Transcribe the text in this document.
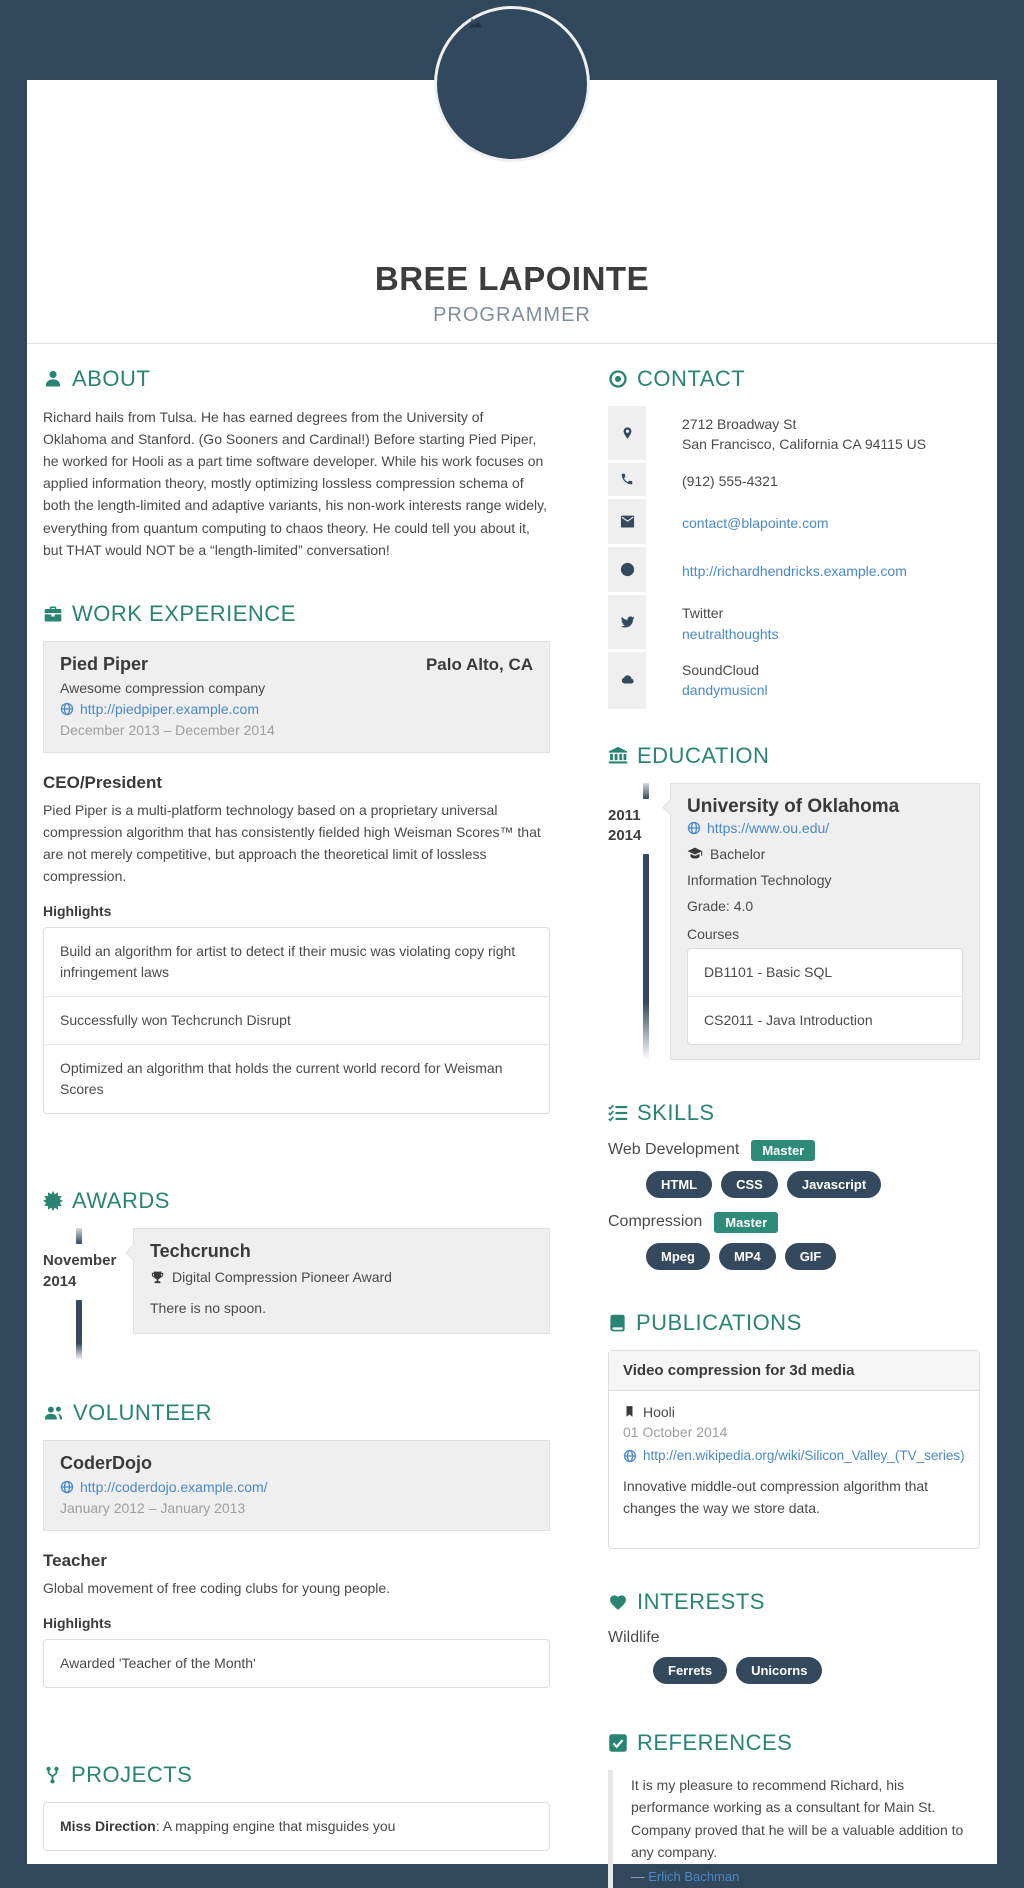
BREE LAPOINTE
PROGRAMMER
ABOUT

Richard hails from Tulsa. He has earned degrees from the University of Oklahoma and Stanford. (Go Sooners and Cardinal!) Before starting Pied Piper, he worked for Hooli as a part time software developer. While his work focuses on applied information theory, mostly optimizing lossless compression schema of both the length-limited and adaptive variants, his non-work interests range widely, everything from quantum computing to chaos theory. He could tell you about it, but THAT would NOT be a “length-limited” conversation!

WORK EXPERIENCE
Pied Piper	Palo Alto, CA
Awesome compression company
http://piedpiper.example.com
December 2013 – December 2014
CEO/President

Pied Piper is a multi-platform technology based on a proprietary universal compression algorithm that has consistently fielded high Weisman Scores™ that are not merely competitive, but approach the theoretical limit of lossless compression.

Highlights
Build an algorithm for artist to detect if their music was violating copy right infringement laws
Successfully won Techcrunch Disrupt
Optimized an algorithm that holds the current world record for Weisman Scores
AWARDS
November
2014
Techcrunch
Digital Compression Pioneer Award

There is no spoon.

VOLUNTEER
CoderDojo
http://coderdojo.example.com/
January 2012 – January 2013
Teacher

Global movement of free coding clubs for young people.

Highlights
Awarded 'Teacher of the Month'
PROJECTS
Miss Direction: A mapping engine that misguides you
CONTACT
2712 Broadway St
San Francisco, California CA 94115 US
(912) 555-4321
contact@blapointe.com
http://richardhendricks.example.com
Twitter
neutralthoughts
SoundCloud
dandymusicnl
EDUCATION
2011
2014
University of Oklahoma
https://www.ou.edu/
Bachelor
Information Technology
Grade: 4.0
Courses
DB1101 - Basic SQL
CS2011 - Java Introduction
SKILLS
Web Development	Master
HTML	CSS	Javascript
Compression	Master
Mpeg	MP4	GIF
PUBLICATIONS
Video compression for 3d media
Hooli
01 October 2014
http://en.wikipedia.org/wiki/Silicon_Valley_(TV_series)

Innovative middle-out compression algorithm that changes the way we store data.

INTERESTS
Wildlife
Ferrets	Unicorns
REFERENCES

It is my pleasure to recommend Richard, his performance working as a consultant for Main St. Company proved that he will be a valuable addition to any company.

— Erlich Bachman
